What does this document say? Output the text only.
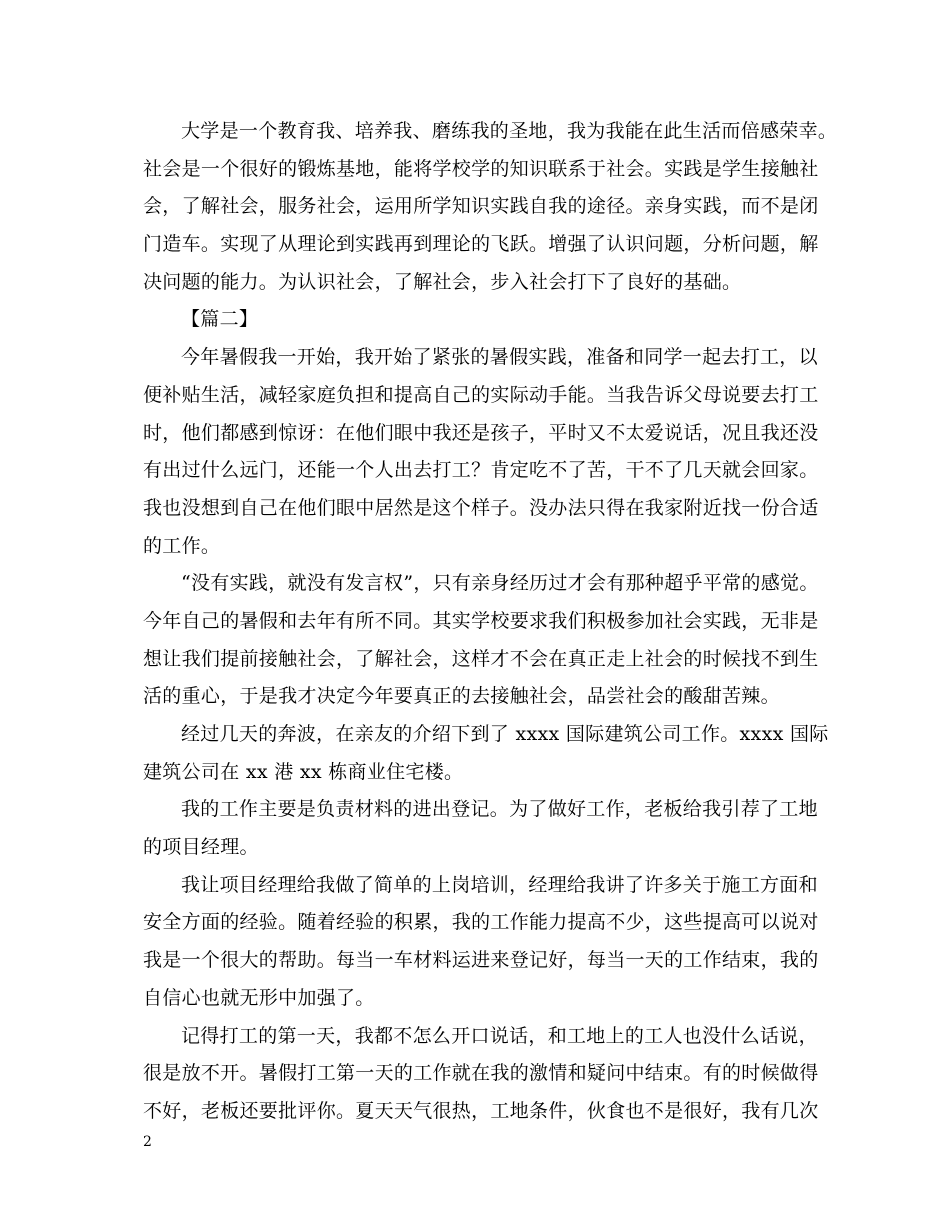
大学是一个教育我、培养我、磨练我的圣地，我为我能在此生活而倍感荣幸。
社会是一个很好的锻炼基地，能将学校学的知识联系于社会。实践是学生接触社
会，了解社会，服务社会，运用所学知识实践自我的途径。亲身实践，而不是闭
门造车。实现了从理论到实践再到理论的飞跃。增强了认识问题，分析问题，解
决问题的能力。为认识社会，了解社会，步入社会打下了良好的基础。
【篇二】
今年暑假我一开始，我开始了紧张的暑假实践，准备和同学一起去打工，以
便补贴生活，减轻家庭负担和提高自己的实际动手能。当我告诉父母说要去打工
时，他们都感到惊讶：在他们眼中我还是孩子，平时又不太爱说话，况且我还没
有出过什么远门，还能一个人出去打工？肯定吃不了苦，干不了几天就会回家。
我也没想到自己在他们眼中居然是这个样子。没办法只得在我家附近找一份合适
的工作。
“没有实践，就没有发言权”，只有亲身经历过才会有那种超乎平常的感觉。
今年自己的暑假和去年有所不同。其实学校要求我们积极参加社会实践，无非是
想让我们提前接触社会，了解社会，这样才不会在真正走上社会的时候找不到生
活的重心，于是我才决定今年要真正的去接触社会，品尝社会的酸甜苦辣。
经过几天的奔波，在亲友的介绍下到了 xxxx 国际建筑公司工作。xxxx 国际
建筑公司在 xx 港 xx 栋商业住宅楼。
我的工作主要是负责材料的进出登记。为了做好工作，老板给我引荐了工地
的项目经理。
我让项目经理给我做了简单的上岗培训，经理给我讲了许多关于施工方面和
安全方面的经验。随着经验的积累，我的工作能力提高不少，这些提高可以说对
我是一个很大的帮助。每当一车材料运进来登记好，每当一天的工作结束，我的
自信心也就无形中加强了。
记得打工的第一天，我都不怎么开口说话，和工地上的工人也没什么话说，
很是放不开。暑假打工第一天的工作就在我的激情和疑问中结束。有的时候做得
不好，老板还要批评你。夏天天气很热，工地条件，伙食也不是很好，我有几次
2
